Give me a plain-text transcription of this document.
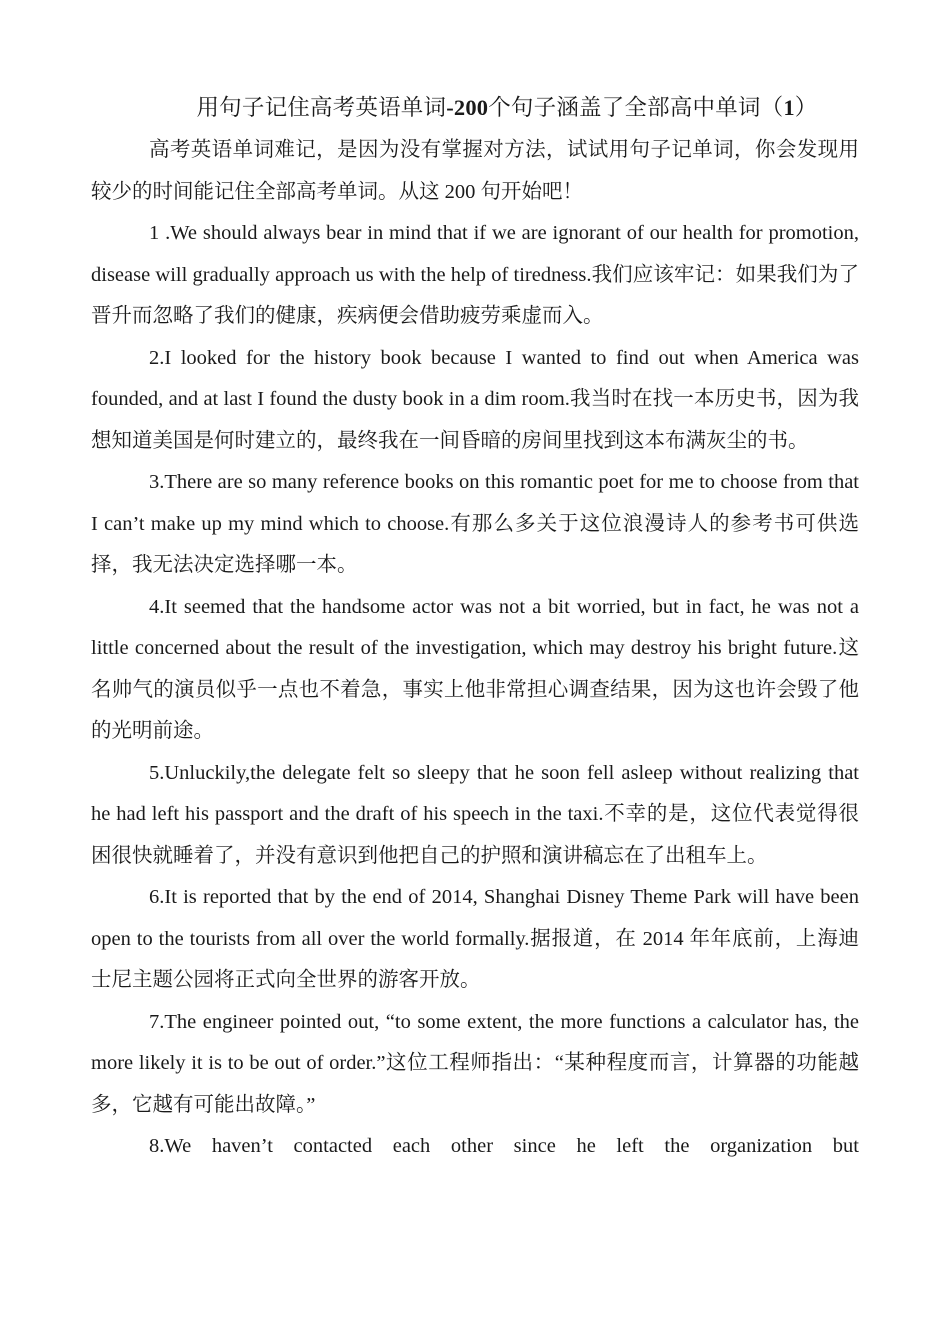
用句子记住高考英语单词-200个句子涵盖了全部高中单词（1）

高考英语单词难记，是因为没有掌握对方法，试试用句子记单词，你会发现用较少的时间能记住全部高考单词。从这 200 句开始吧！

1 .We should always bear in mind that if we are ignorant of our health for promotion, disease will gradually approach us with the help of tiredness.我们应该牢记：如果我们为了晋升而忽略了我们的健康，疾病便会借助疲劳乘虚而入。

2.I looked for the history book because I wanted to find out when America was founded, and at last I found the dusty book in a dim room.我当时在找一本历史书，因为我想知道美国是何时建立的，最终我在一间昏暗的房间里找到这本布满灰尘的书。

3.There are so many reference books on this romantic poet for me to choose from that I can’t make up my mind which to choose.有那么多关于这位浪漫诗人的参考书可供选择，我无法决定选择哪一本。

4.It seemed that the handsome actor was not a bit worried, but in fact, he was not a little concerned about the result of the investigation, which may destroy his bright future.这名帅气的演员似乎一点也不着急，事实上他非常担心调查结果，因为这也许会毁了他的光明前途。

5.Unluckily,the delegate felt so sleepy that he soon fell asleep without realizing that he had left his passport and the draft of his speech in the taxi.不幸的是，这位代表觉得很困很快就睡着了，并没有意识到他把自己的护照和演讲稿忘在了出租车上。

6.It is reported that by the end of 2014, Shanghai Disney Theme Park will have been open to the tourists from all over the world formally.据报道，在 2014 年年底前，上海迪士尼主题公园将正式向全世界的游客开放。

7.The engineer pointed out, “to some extent, the more functions a calculator has, the more likely it is to be out of order.”这位工程师指出：“某种程度而言，计算器的功能越多，它越有可能出故障。”

8.We haven’t contacted each other since he left the organization but
